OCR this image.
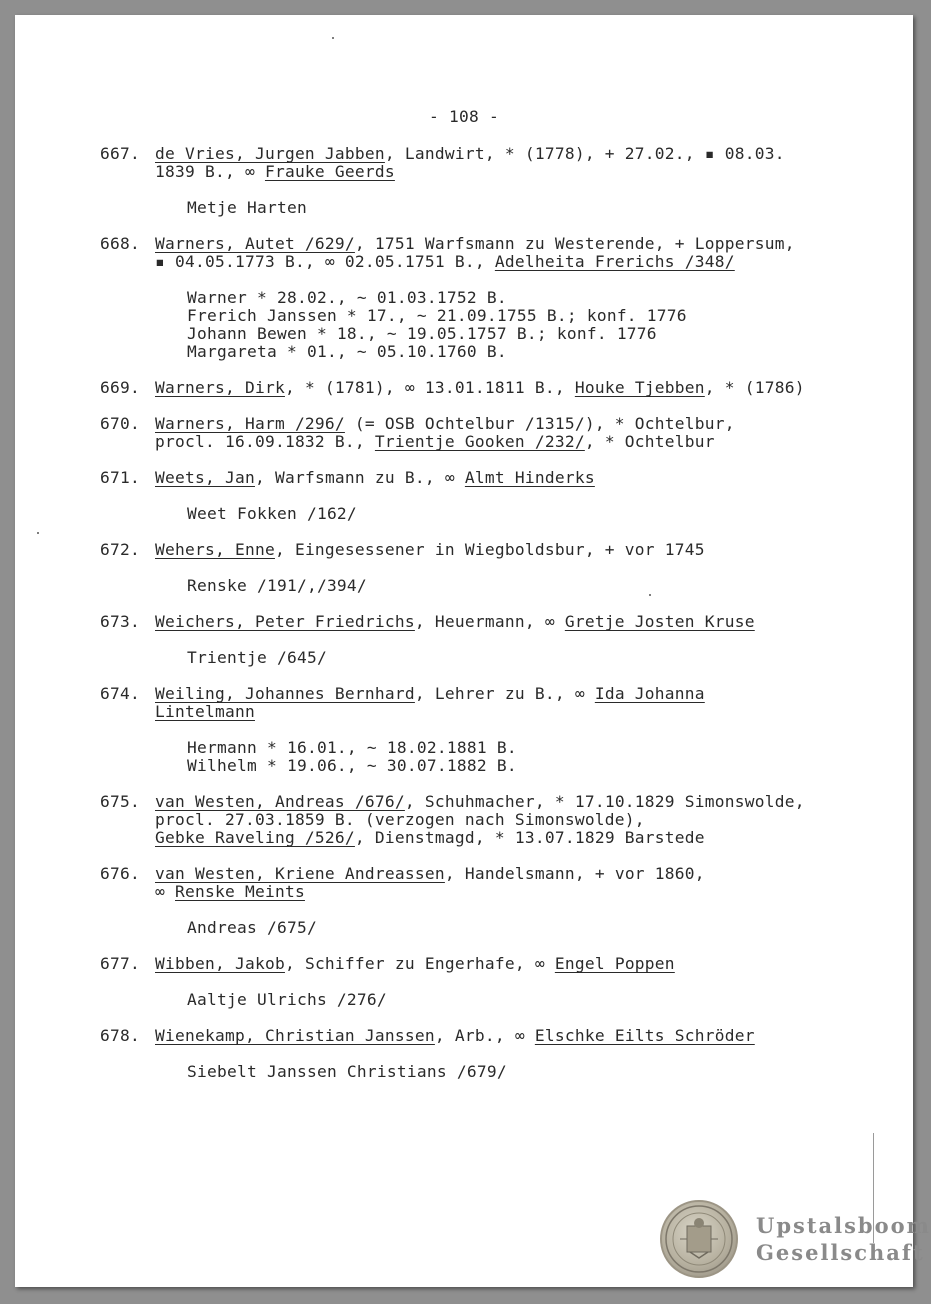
- 108 -
667. de Vries, Jurgen Jabben, Landwirt, * (1778), + 27.02., ▪ 08.03.
1839 B., ∞ Frauke Geerds
Metje Harten
668. Warners, Autet /629/, 1751 Warfsmann zu Westerende, + Loppersum,
▪ 04.05.1773 B., ∞ 02.05.1751 B., Adelheita Frerichs /348/
Warner * 28.02., ~ 01.03.1752 B.
Frerich Janssen * 17., ~ 21.09.1755 B.; konf. 1776
Johann Bewen * 18., ~ 19.05.1757 B.; konf. 1776
Margareta * 01., ~ 05.10.1760 B.
669. Warners, Dirk, * (1781), ∞ 13.01.1811 B., Houke Tjebben, * (1786)
670. Warners, Harm /296/ (= OSB Ochtelbur /1315/), * Ochtelbur,
procl. 16.09.1832 B., Trientje Gooken /232/, * Ochtelbur
671. Weets, Jan, Warfsmann zu B., ∞ Almt Hinderks
Weet Fokken /162/
672. Wehers, Enne, Eingesessener in Wiegboldsbur, + vor 1745
Renske /191/,/394/
673. Weichers, Peter Friedrichs, Heuermann, ∞ Gretje Josten Kruse
Trientje /645/
674. Weiling, Johannes Bernhard, Lehrer zu B., ∞ Ida Johanna
Lintelmann
Hermann * 16.01., ~ 18.02.1881 B.
Wilhelm * 19.06., ~ 30.07.1882 B.
675. van Westen, Andreas /676/, Schuhmacher, * 17.10.1829 Simonswolde,
procl. 27.03.1859 B. (verzogen nach Simonswolde),
Gebke Raveling /526/, Dienstmagd, * 13.07.1829 Barstede
676. van Westen, Kriene Andreassen, Handelsmann, + vor 1860,
∞ Renske Meints
Andreas /675/
677. Wibben, Jakob, Schiffer zu Engerhafe, ∞ Engel Poppen
Aaltje Ulrichs /276/
678. Wienekamp, Christian Janssen, Arb., ∞ Elschke Eilts Schröder
Siebelt Janssen Christians /679/
Upstalsboom
Gesellschaft
